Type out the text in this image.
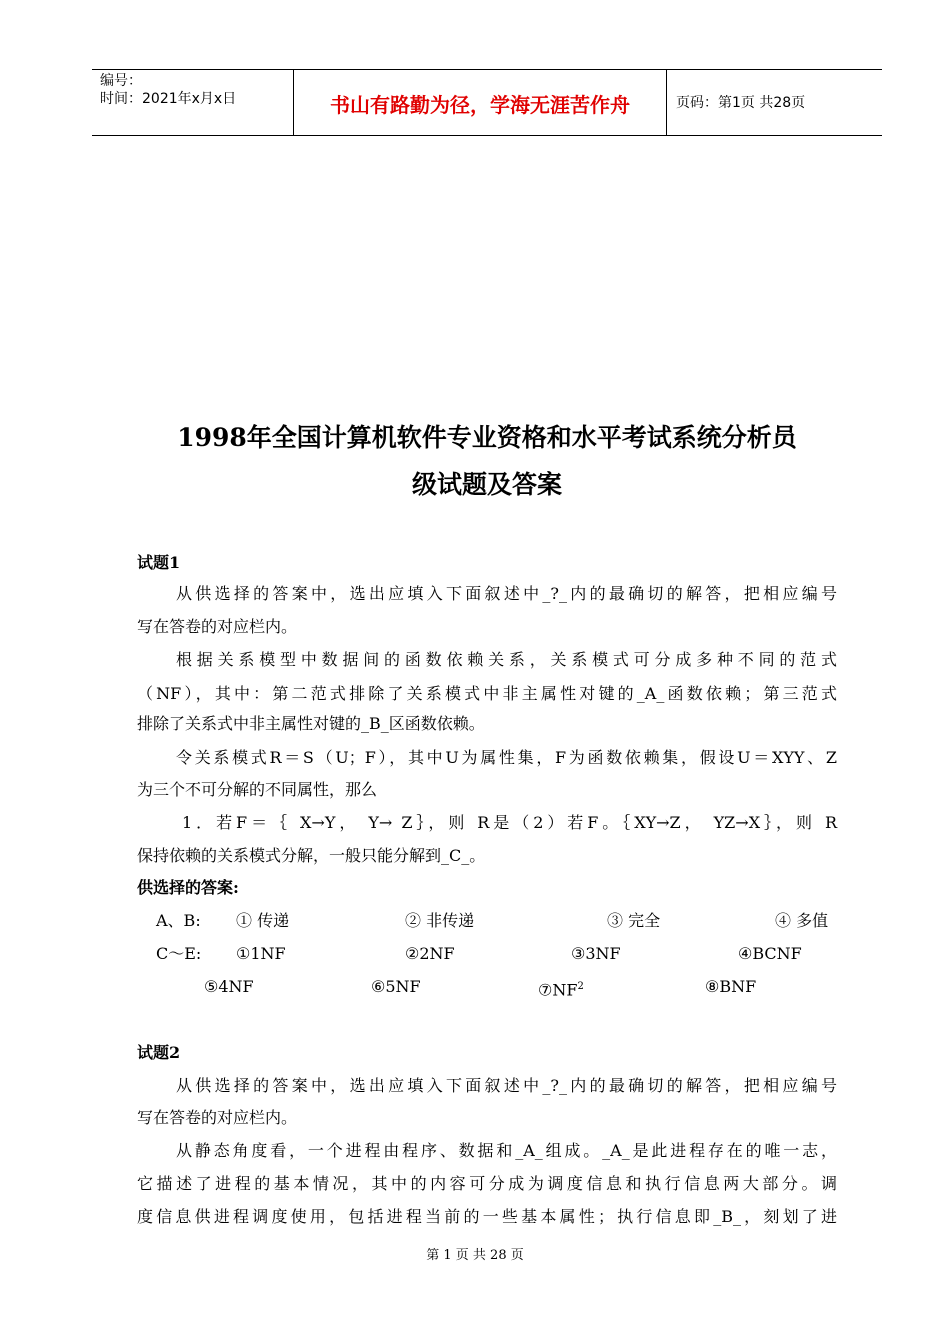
编号：
时间：2021年x月x日	书山有路勤为径，学海无涯苦作舟	页码：第1页 共28页
1998年全国计算机软件专业资格和水平考试系统分析员
级试题及答案
试题1
从供选择的答案中，选出应填入下面叙述中_?_内的最确切的解答，把相应编号
写在答卷的对应栏内。
根据关系模型中数据间的函数依赖关系，关系模式可分成多种不同的范式
（NF），其中：第二范式排除了关系模式中非主属性对键的_A_函数依赖；第三范式
排除了关系式中非主属性对键的_B_区函数依赖。
令关系模式R＝S（U；F），其中U为属性集，F为函数依赖集，假设U＝XYY、Z
为三个不可分解的不同属性，那么
1．若F＝｛ X→Y， Y→ Z｝，则 R是（2）若F。｛XY→Z， YZ→X｝，则 R
保持依赖的关系模式分解，一般只能分解到_C_。
供选择的答案:
A、B: ① 传递	② 非传递	③ 完全	④ 多值
C～E: ①1NF	②2NF	③3NF	④BCNF
⑤4NF	⑥5NF	$⑦NF^2$	⑧BNF
试题2
从供选择的答案中，选出应填入下面叙述中_?_内的最确切的解答，把相应编号
写在答卷的对应栏内。
从静态角度看，一个进程由程序、数据和_A_组成。_A_是此进程存在的唯一志，
它描述了进程的基本情况，其中的内容可分成为调度信息和执行信息两大部分。调
度信息供进程调度使用，包括进程当前的一些基本属性；执行信息即_B_，刻划了进
第 1 页 共 28 页
